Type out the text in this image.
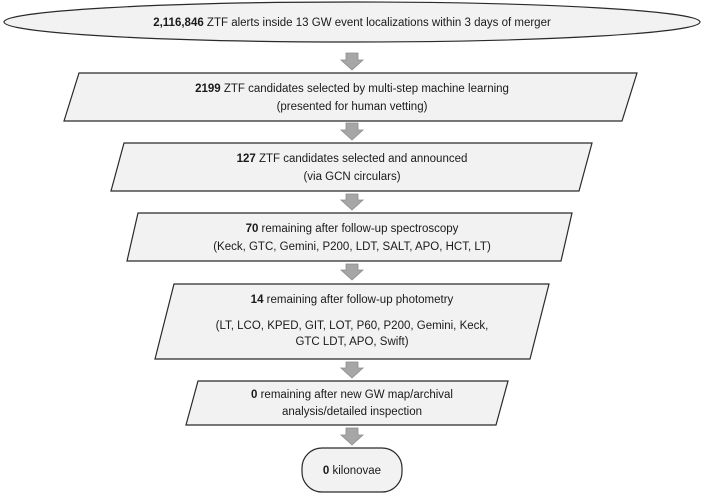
2,116,846 ZTF alerts inside 13 GW event localizations within 3 days of merger
2199 ZTF candidates selected by multi-step machine learning
(presented for human vetting)
127 ZTF candidates selected and announced
(via GCN circulars)
70 remaining after follow-up spectroscopy
(Keck, GTC, Gemini, P200, LDT, SALT, APO, HCT, LT)
14 remaining after follow-up photometry
(LT, LCO, KPED, GIT, LOT, P60, P200, Gemini, Keck,
GTC LDT, APO, Swift)
0 remaining after new GW map/archival
analysis/detailed inspection
0 kilonovae
